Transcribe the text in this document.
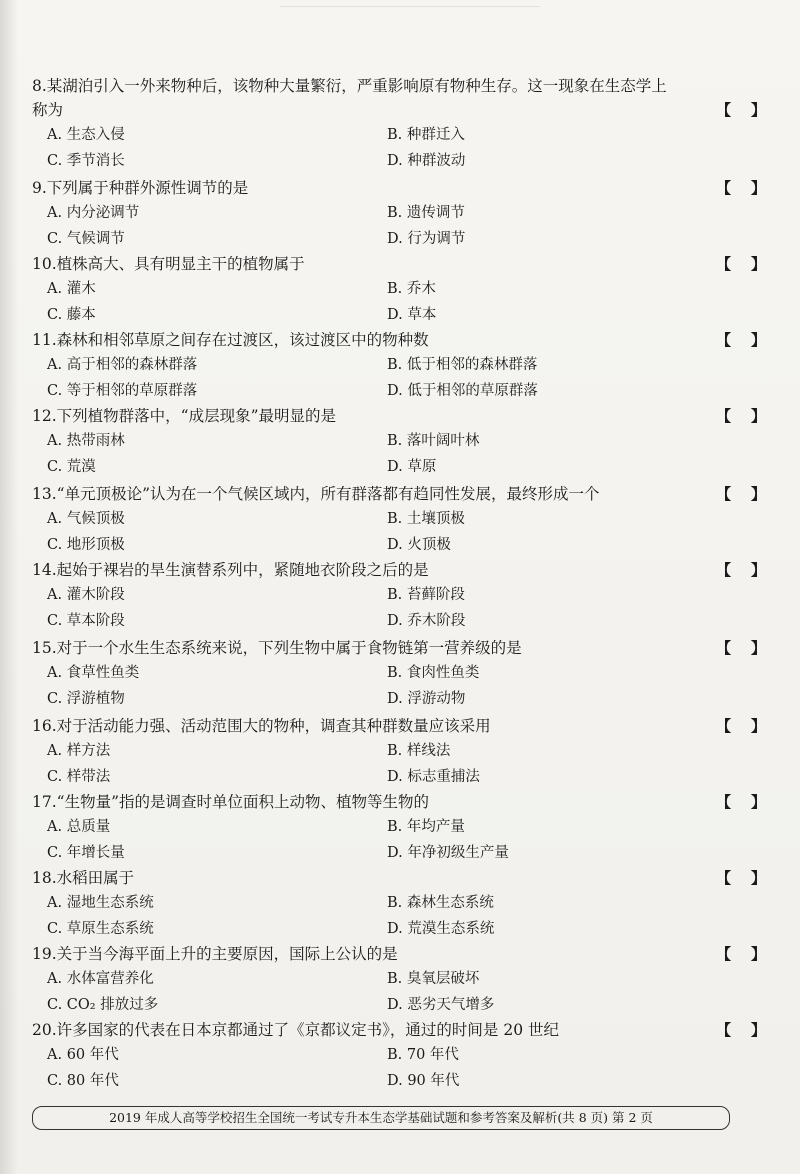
8.某湖泊引入一外来物种后，该物种大量繁衍，严重影响原有物种生存。这一现象在生态学上
称为	【 】
A. 生态入侵	B. 种群迁入
C. 季节消长	D. 种群波动
9.下列属于种群外源性调节的是	【 】
A. 内分泌调节	B. 遗传调节
C. 气候调节	D. 行为调节
10.植株高大、具有明显主干的植物属于	【 】
A. 灌木	B. 乔木
C. 藤本	D. 草本
11.森林和相邻草原之间存在过渡区，该过渡区中的物种数	【 】
A. 高于相邻的森林群落	B. 低于相邻的森林群落
C. 等于相邻的草原群落	D. 低于相邻的草原群落
12.下列植物群落中，“成层现象”最明显的是	【 】
A. 热带雨林	B. 落叶阔叶林
C. 荒漠	D. 草原
13.“单元顶极论”认为在一个气候区域内，所有群落都有趋同性发展，最终形成一个	【 】
A. 气候顶极	B. 土壤顶极
C. 地形顶极	D. 火顶极
14.起始于裸岩的旱生演替系列中，紧随地衣阶段之后的是	【 】
A. 灌木阶段	B. 苔藓阶段
C. 草本阶段	D. 乔木阶段
15.对于一个水生生态系统来说，下列生物中属于食物链第一营养级的是	【 】
A. 食草性鱼类	B. 食肉性鱼类
C. 浮游植物	D. 浮游动物
16.对于活动能力强、活动范围大的物种，调查其种群数量应该采用	【 】
A. 样方法	B. 样线法
C. 样带法	D. 标志重捕法
17.“生物量”指的是调查时单位面积上动物、植物等生物的	【 】
A. 总质量	B. 年均产量
C. 年增长量	D. 年净初级生产量
18.水稻田属于	【 】
A. 湿地生态系统	B. 森林生态系统
C. 草原生态系统	D. 荒漠生态系统
19.关于当今海平面上升的主要原因，国际上公认的是	【 】
A. 水体富营养化	B. 臭氧层破坏
C. CO₂ 排放过多	D. 恶劣天气增多
20.许多国家的代表在日本京都通过了《京都议定书》，通过的时间是 20 世纪	【 】
A. 60 年代	B. 70 年代
C. 80 年代	D. 90 年代
2019 年成人高等学校招生全国统一考试专升本生态学基础试题和参考答案及解析(共 8 页) 第 2 页
